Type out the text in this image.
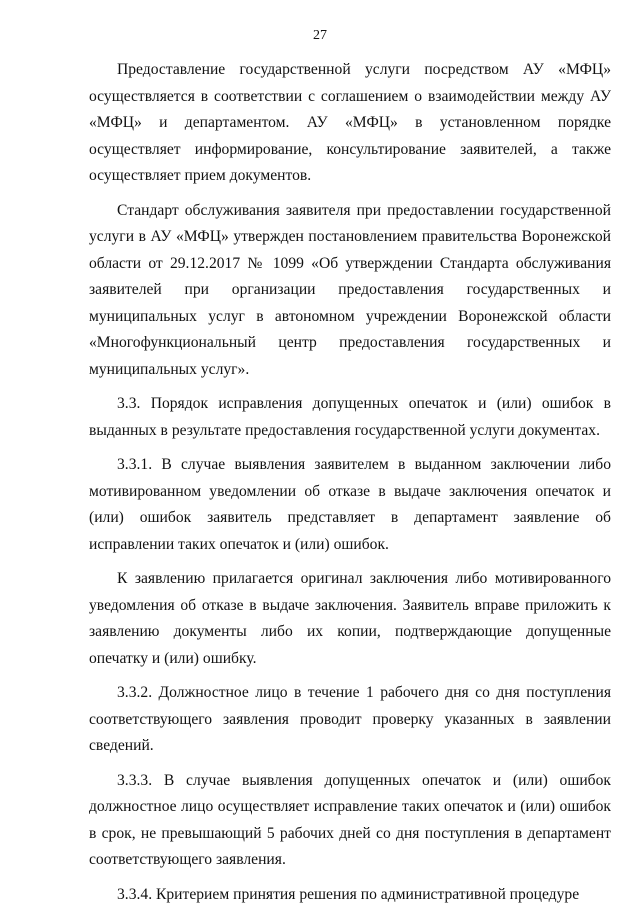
27

Предоставление государственной услуги посредством АУ «МФЦ» осуществляется в соответствии с соглашением о взаимодействии между АУ «МФЦ» и департаментом. АУ «МФЦ» в установленном порядке осуществляет информирование, консультирование заявителей, а также осуществляет прием документов.

Стандарт обслуживания заявителя при предоставлении государственной услуги в АУ «МФЦ» утвержден постановлением правительства Воронежской области от 29.12.2017 № 1099 «Об утверждении Стандарта обслуживания заявителей при организации предоставления государственных и муниципальных услуг в автономном учреждении Воронежской области «Многофункциональный центр предоставления государственных и муниципальных услуг».

3.3. Порядок исправления допущенных опечаток и (или) ошибок в выданных в результате предоставления государственной услуги документах.

3.3.1. В случае выявления заявителем в выданном заключении либо мотивированном уведомлении об отказе в выдаче заключения опечаток и (или) ошибок заявитель представляет в департамент заявление об исправлении таких опечаток и (или) ошибок.

К заявлению прилагается оригинал заключения либо мотивированного уведомления об отказе в выдаче заключения. Заявитель вправе приложить к заявлению документы либо их копии, подтверждающие допущенные опечатку и (или) ошибку.

3.3.2. Должностное лицо в течение 1 рабочего дня со дня поступления соответствующего заявления проводит проверку указанных в заявлении сведений.

3.3.3. В случае выявления допущенных опечаток и (или) ошибок должностное лицо осуществляет исправление таких опечаток и (или) ошибок в срок, не превышающий 5 рабочих дней со дня поступления в департамент соответствующего заявления.

3.3.4. Критерием принятия решения по административной процедуре
